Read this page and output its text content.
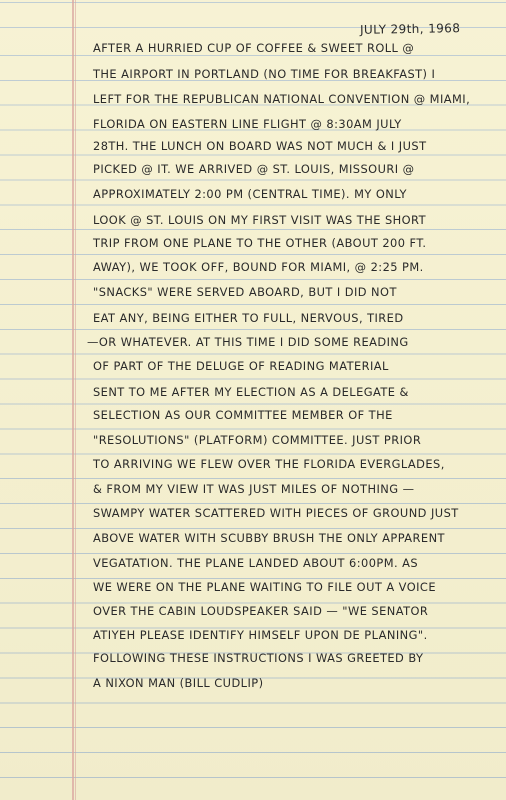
JULY 29th, 1968
AFTER A HURRIED CUP OF COFFEE & SWEET ROLL @
THE AIRPORT IN PORTLAND (NO TIME FOR BREAKFAST) I
LEFT FOR THE REPUBLICAN NATIONAL CONVENTION @ MIAMI,
FLORIDA ON EASTERN LINE FLIGHT @ 8:30AM JULY
28TH. THE LUNCH ON BOARD WAS NOT MUCH & I JUST
PICKED @ IT. WE ARRIVED @ ST. LOUIS, MISSOURI @
APPROXIMATELY 2:00 PM (CENTRAL TIME). MY ONLY
LOOK @ ST. LOUIS ON MY FIRST VISIT WAS THE SHORT
TRIP FROM ONE PLANE TO THE OTHER (ABOUT 200 FT.
AWAY), WE TOOK OFF, BOUND FOR MIAMI, @ 2:25 PM.
"SNACKS" WERE SERVED ABOARD, BUT I DID NOT
EAT ANY, BEING EITHER TO FULL, NERVOUS, TIRED
—OR WHATEVER. AT THIS TIME I DID SOME READING
OF PART OF THE DELUGE OF READING MATERIAL
SENT TO ME AFTER MY ELECTION AS A DELEGATE &
SELECTION AS OUR COMMITTEE MEMBER OF THE
"RESOLUTIONS" (PLATFORM) COMMITTEE. JUST PRIOR
TO ARRIVING WE FLEW OVER THE FLORIDA EVERGLADES,
& FROM MY VIEW IT WAS JUST MILES OF NOTHING —
SWAMPY WATER SCATTERED WITH PIECES OF GROUND JUST
ABOVE WATER WITH SCUBBY BRUSH THE ONLY APPARENT
VEGATATION. THE PLANE LANDED ABOUT 6:00PM. AS
WE WERE ON THE PLANE WAITING TO FILE OUT A VOICE
OVER THE CABIN LOUDSPEAKER SAID — "WE SENATOR
ATIYEH PLEASE IDENTIFY HIMSELF UPON DE PLANING".
FOLLOWING THESE INSTRUCTIONS I WAS GREETED BY
A NIXON MAN (BILL CUDLIP)
